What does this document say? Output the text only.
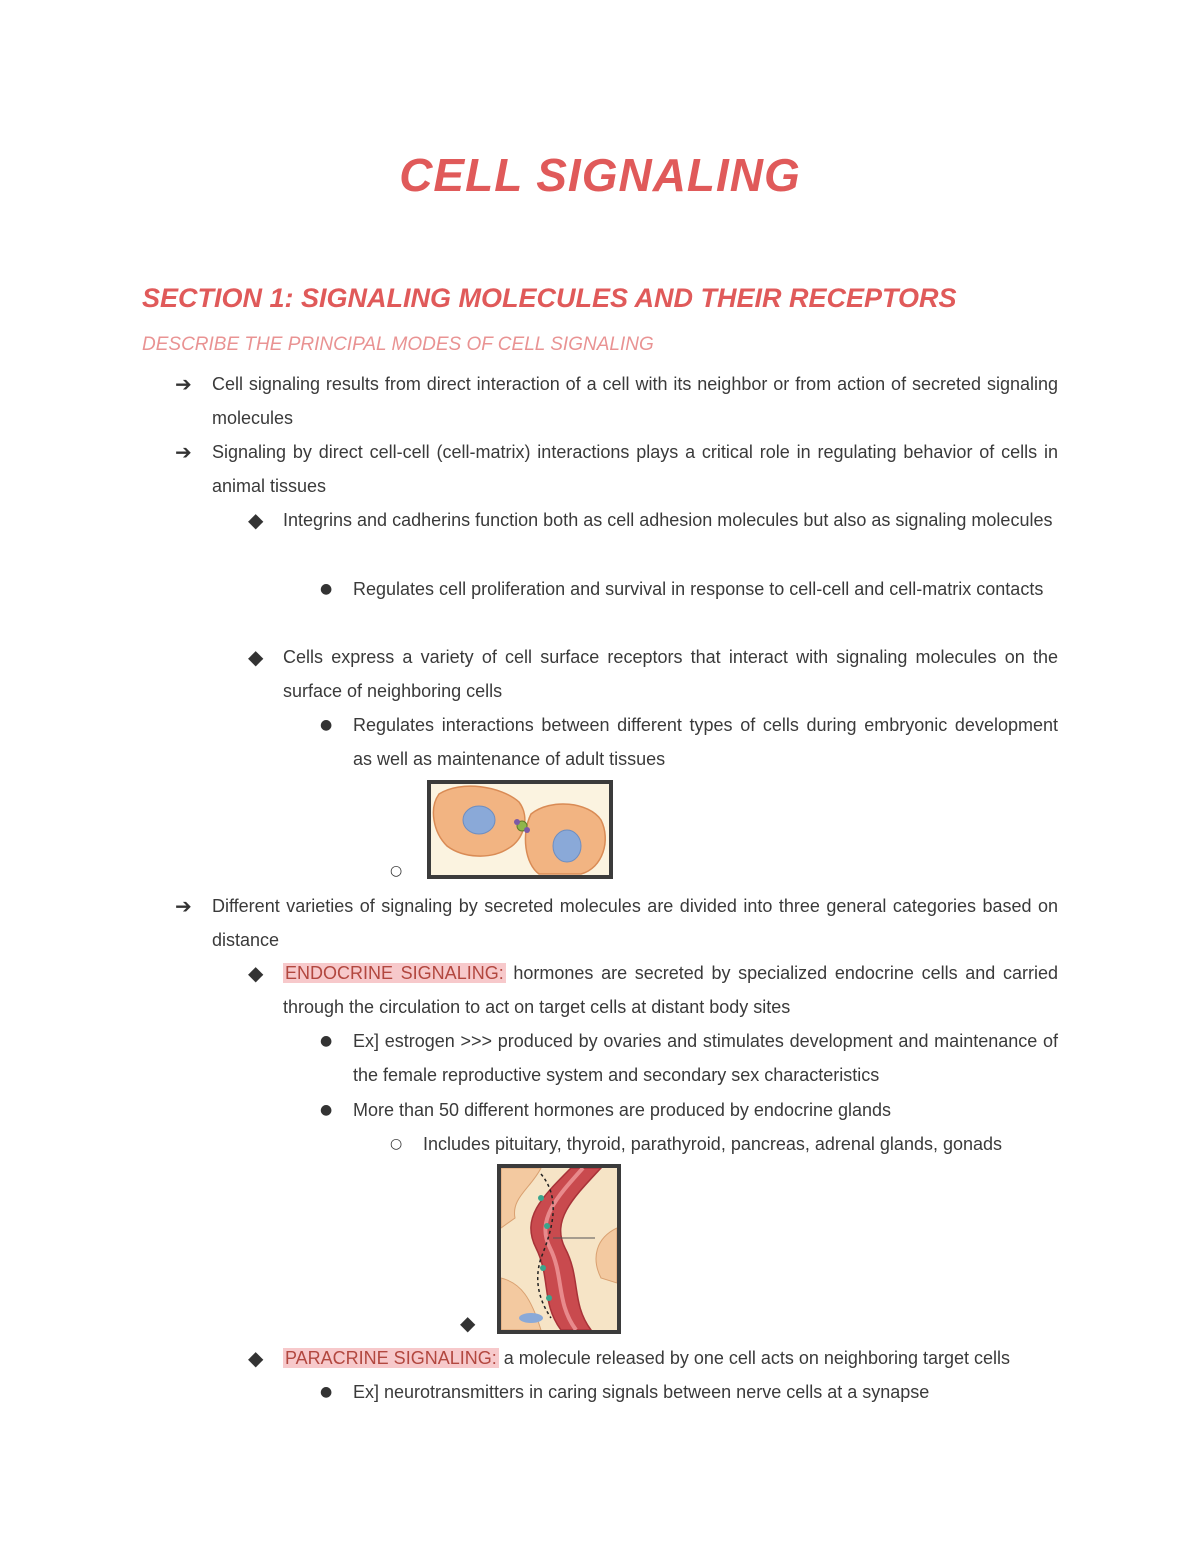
CELL SIGNALING
SECTION 1: SIGNALING MOLECULES AND THEIR RECEPTORS
DESCRIBE THE PRINCIPAL MODES OF CELL SIGNALING
➔ Cell signaling results from direct interaction of a cell with its neighbor or from action of secreted signaling molecules
➔ Signaling by direct cell-cell (cell-matrix) interactions plays a critical role in regulating behavior of cells in animal tissues
◆ Integrins and cadherins function both as cell adhesion molecules but also as signaling molecules
● Regulates cell proliferation and survival in response to cell-cell and cell-matrix contacts
◆ Cells express a variety of cell surface receptors that interact with signaling molecules on the surface of neighboring cells
● Regulates interactions between different types of cells during embryonic development as well as maintenance of adult tissues
○
➔ Different varieties of signaling by secreted molecules are divided into three general categories based on distance
◆ ENDOCRINE SIGNALING: hormones are secreted by specialized endocrine cells and carried through the circulation to act on target cells at distant body sites
● Ex] estrogen >>> produced by ovaries and stimulates development and maintenance of the female reproductive system and secondary sex characteristics
● More than 50 different hormones are produced by endocrine glands
○ Includes pituitary, thyroid, parathyroid, pancreas, adrenal glands, gonads
◆
◆ PARACRINE SIGNALING: a molecule released by one cell acts on neighboring target cells
● Ex] neurotransmitters in caring signals between nerve cells at a synapse
